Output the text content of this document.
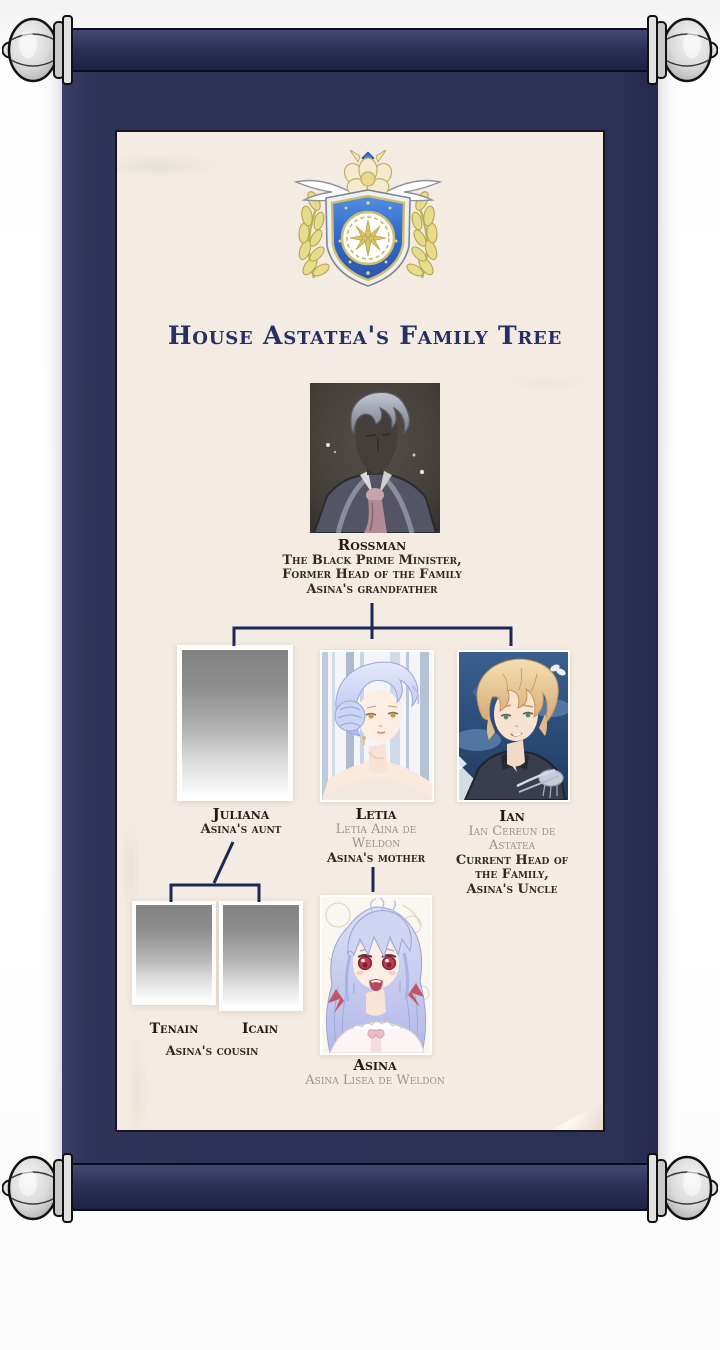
House Astatea's Family Tree
Rossman
The Black Prime Minister,
Former Head of the Family
Asina's grandfather
Juliana
Asina's aunt
Letia
Letia Aina de Weldon
Asina's mother
Ian
Ian Cereun de Astatea
Current Head of the Family, Asina's Uncle
Tenain	Icain
Asina's cousin
Asina
Asina Lisea de Weldon
